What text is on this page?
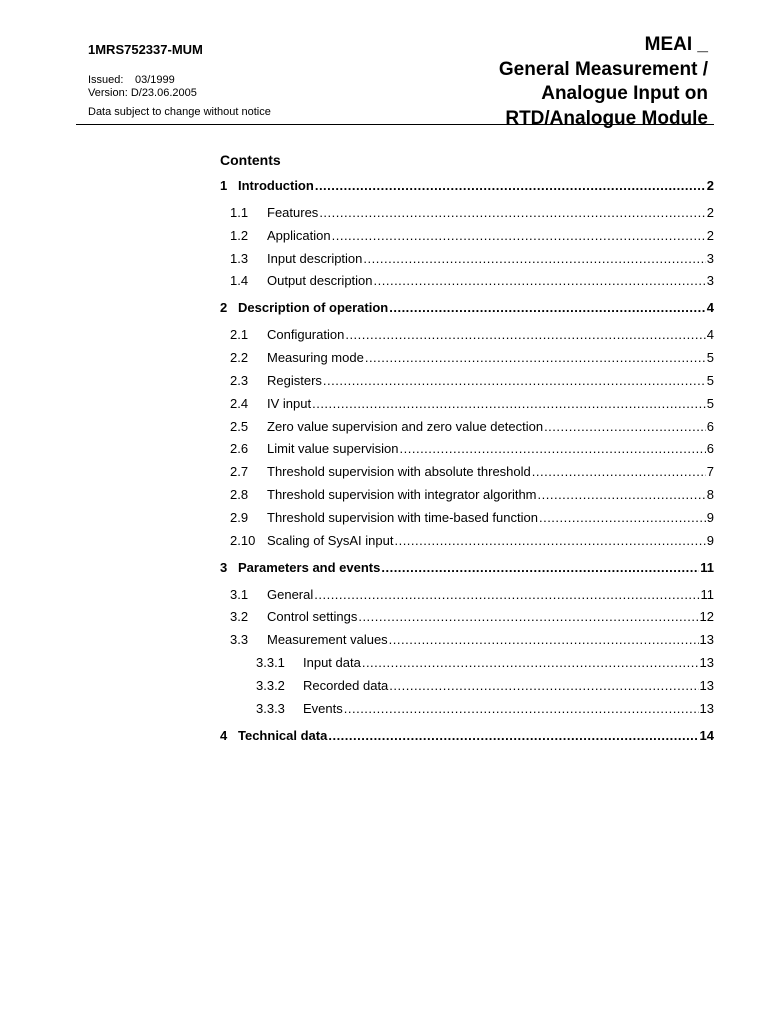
1MRS752337-MUM
Issued: 03/1999
Version: D/23.06.2005
Data subject to change without notice
MEAI _
General Measurement /
Analogue Input on
RTD/Analogue Module
Contents
1 Introduction .....	2
1.1	Features .....	2
1.2	Application .....	2
1.3	Input description .....	3
1.4	Output description .....	3
2 Description of operation .....	4
2.1	Configuration .....	4
2.2	Measuring mode .....	5
2.3	Registers .....	5
2.4	IV input .....	5
2.5	Zero value supervision and zero value detection .....	6
2.6	Limit value supervision .....	6
2.7	Threshold supervision with absolute threshold .....	7
2.8	Threshold supervision with integrator algorithm .....	8
2.9	Threshold supervision with time-based function .....	9
2.10 Scaling of SysAI input .....	9
3 Parameters and events .....	11
3.1	General .....	11
3.2	Control settings .....	12
3.3	Measurement values .....	13
3.3.1	Input data .....	13
3.3.2	Recorded data .....	13
3.3.3	Events .....	13
4 Technical data .....	14
